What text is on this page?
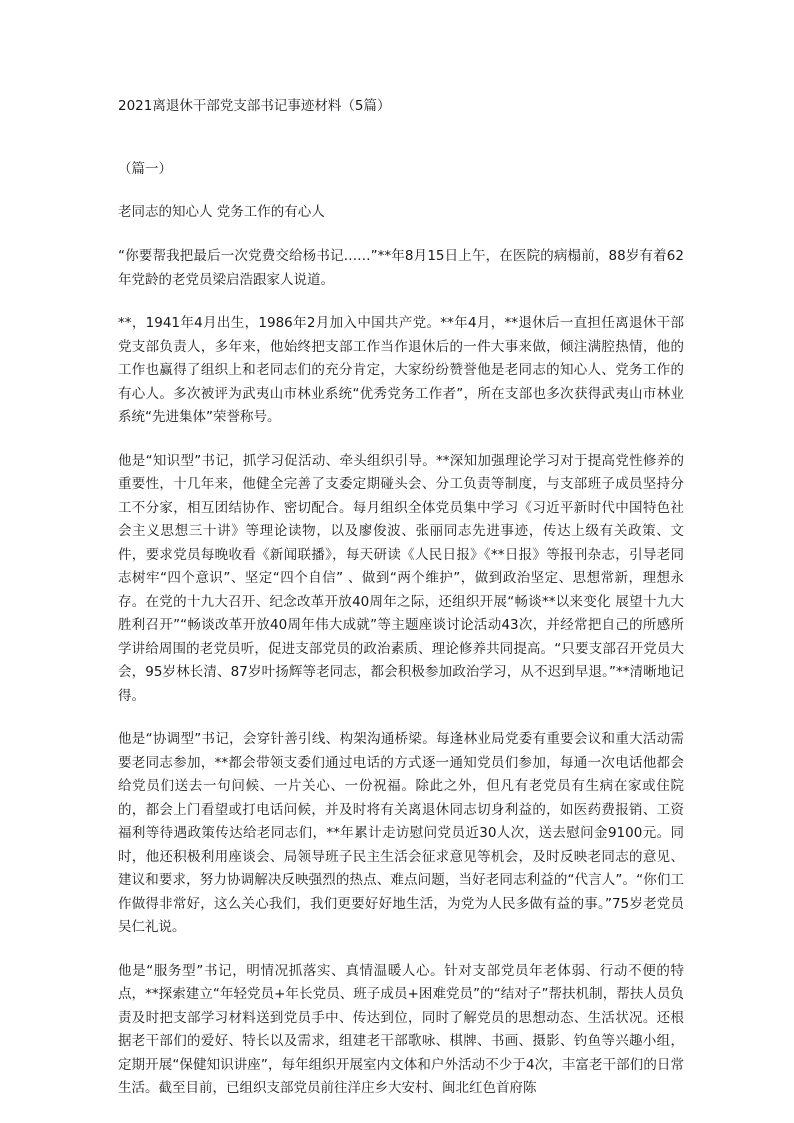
2021离退休干部党支部书记事迹材料（5篇）
（篇一）
老同志的知心人 党务工作的有心人

“你要帮我把最后一次党费交给杨书记……”**年8月15日上午，在医院的病榻前，88岁有着62年党龄的老党员梁启浩跟家人说道。

**，1941年4月出生，1986年2月加入中国共产党。**年4月，**退休后一直担任离退休干部党支部负责人，多年来，他始终把支部工作当作退休后的一件大事来做，倾注满腔热情，他的工作也赢得了组织上和老同志们的充分肯定，大家纷纷赞誉他是老同志的知心人、党务工作的有心人。多次被评为武夷山市林业系统“优秀党务工作者”，所在支部也多次获得武夷山市林业系统“先进集体”荣誉称号。

他是“知识型”书记，抓学习促活动、牵头组织引导。**深知加强理论学习对于提高党性修养的重要性，十几年来，他健全完善了支委定期碰头会、分工负责等制度，与支部班子成员坚持分工不分家，相互团结协作、密切配合。每月组织全体党员集中学习《习近平新时代中国特色社会主义思想三十讲》等理论读物，以及廖俊波、张丽同志先进事迹，传达上级有关政策、文件，要求党员每晚收看《新闻联播》，每天研读《人民日报》《**日报》等报刊杂志，引导老同志树牢“四个意识”、坚定“四个自信” 、做到“两个维护”，做到政治坚定、思想常新，理想永存。在党的十九大召开、纪念改革开放40周年之际，还组织开展“畅谈**以来变化 展望十九大胜利召开”“畅谈改革开放40周年伟大成就”等主题座谈讨论活动43次，并经常把自己的所感所学讲给周围的老党员听，促进支部党员的政治素质、理论修养共同提高。“只要支部召开党员大会，95岁林长清、87岁叶扬辉等老同志，都会积极参加政治学习，从不迟到早退。”**清晰地记得。

他是“协调型”书记，会穿针善引线、构架沟通桥梁。每逢林业局党委有重要会议和重大活动需要老同志参加，**都会带领支委们通过电话的方式逐一通知党员们参加，每通一次电话他都会给党员们送去一句问候、一片关心、一份祝福。除此之外，但凡有老党员有生病在家或住院的，都会上门看望或打电话问候，并及时将有关离退休同志切身利益的，如医药费报销、工资福利等待遇政策传达给老同志们，**年累计走访慰问党员近30人次，送去慰问金9100元。同时，他还积极利用座谈会、局领导班子民主生活会征求意见等机会，及时反映老同志的意见、建议和要求，努力协调解决反映强烈的热点、难点问题，当好老同志利益的“代言人”。“你们工作做得非常好，这么关心我们，我们更要好好地生活，为党为人民多做有益的事。”75岁老党员吴仁礼说。

他是“服务型”书记，明情况抓落实、真情温暖人心。针对支部党员年老体弱、行动不便的特点，**探索建立“年轻党员+年长党员、班子成员+困难党员”的“结对子”帮扶机制，帮扶人员负责及时把支部学习材料送到党员手中、传达到位，同时了解党员的思想动态、生活状况。还根据老干部们的爱好、特长以及需求，组建老干部歌咏、棋牌、书画、摄影、钓鱼等兴趣小组，定期开展“保健知识讲座”，每年组织开展室内文体和户外活动不少于4次，丰富老干部们的日常生活。截至目前，已组织支部党员前往洋庄乡大安村、闽北红色首府陈
